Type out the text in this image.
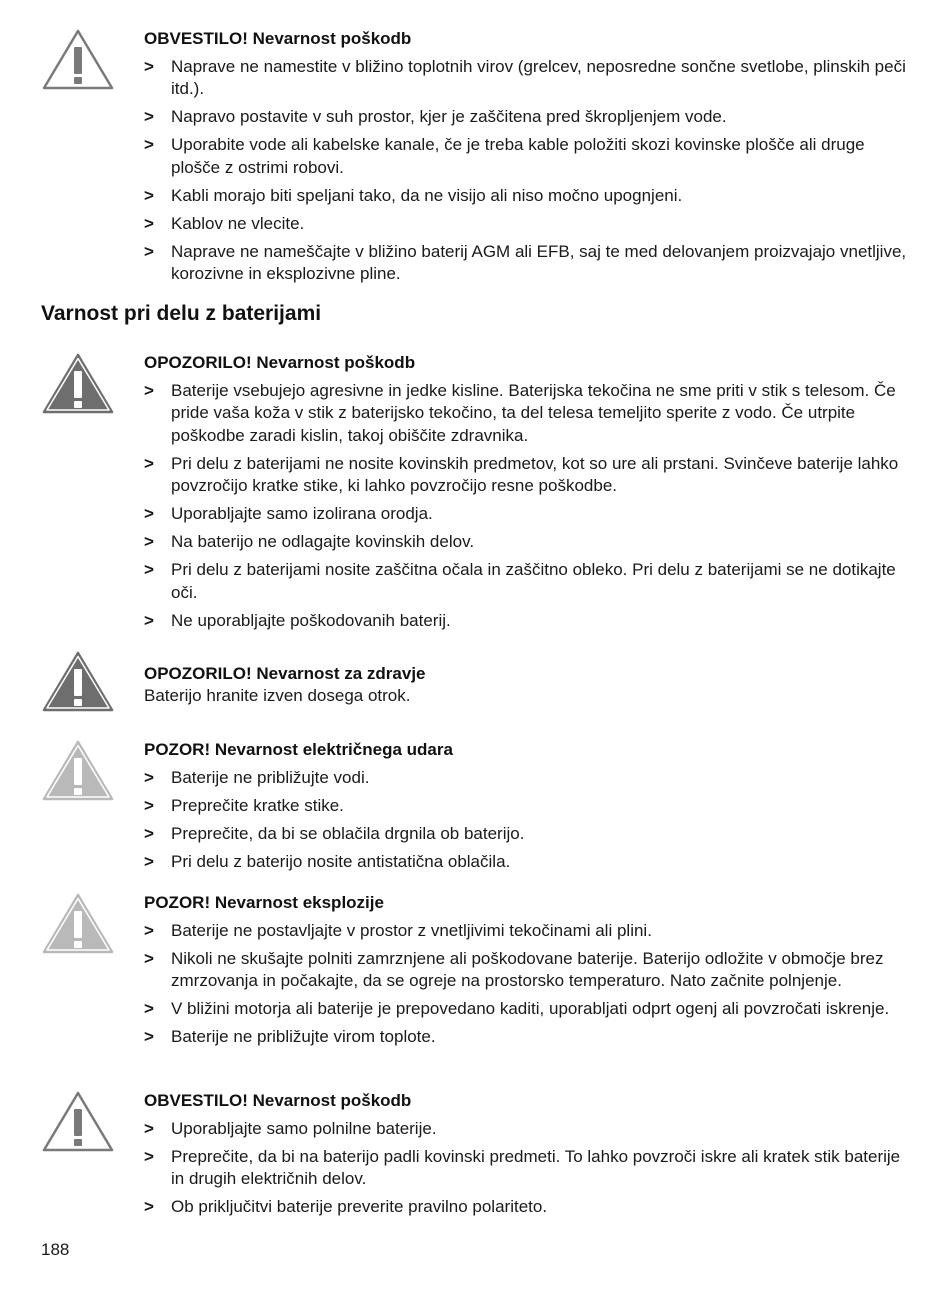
OBVESTILO! Nevarnost poškodb

> Naprave ne namestite v bližino toplotnih virov (grelcev, neposredne sončne svetlobe, plinskih peči itd.).
> Napravo postavite v suh prostor, kjer je zaščitena pred škropljenjem vode.
> Uporabite vode ali kabelske kanale, če je treba kable položiti skozi kovinske plošče ali druge plošče z ostrimi robovi.
> Kabli morajo biti speljani tako, da ne visijo ali niso močno upognjeni.
> Kablov ne vlecite.
> Naprave ne nameščajte v bližino baterij AGM ali EFB, saj te med delovanjem proizvajajo vnetljive, korozivne in eksplozivne pline.
Varnost pri delu z baterijami

OPOZORILO! Nevarnost poškodb

> Baterije vsebujejo agresivne in jedke kisline. Baterijska tekočina ne sme priti v stik s telesom. Če pride vaša koža v stik z baterijsko tekočino, ta del telesa temeljito sperite z vodo. Če utrpite poškodbe zaradi kislin, takoj obiščite zdravnika.
> Pri delu z baterijami ne nosite kovinskih predmetov, kot so ure ali prstani. Svinčeve baterije lahko povzročijo kratke stike, ki lahko povzročijo resne poškodbe.
> Uporabljajte samo izolirana orodja.
> Na baterijo ne odlagajte kovinskih delov.
> Pri delu z baterijami nosite zaščitna očala in zaščitno obleko. Pri delu z baterijami se ne dotikajte oči.
> Ne uporabljajte poškodovanih baterij.

OPOZORILO! Nevarnost za zdravje

Baterijo hranite izven dosega otrok.

POZOR! Nevarnost električnega udara

> Baterije ne približujte vodi.
> Preprečite kratke stike.
> Preprečite, da bi se oblačila drgnila ob baterijo.
> Pri delu z baterijo nosite antistatična oblačila.

POZOR! Nevarnost eksplozije

> Baterije ne postavljajte v prostor z vnetljivimi tekočinami ali plini.
> Nikoli ne skušajte polniti zamrznjene ali poškodovane baterije. Baterijo odložite v območje brez zmrzovanja in počakajte, da se ogreje na prostorsko temperaturo. Nato začnite polnjenje.
> V bližini motorja ali baterije je prepovedano kaditi, uporabljati odprt ogenj ali povzročati iskrenje.
> Baterije ne približujte virom toplote.

OBVESTILO! Nevarnost poškodb

> Uporabljajte samo polnilne baterije.
> Preprečite, da bi na baterijo padli kovinski predmeti. To lahko povzroči iskre ali kratek stik baterije in drugih električnih delov.
> Ob priključitvi baterije preverite pravilno polariteto.
188
